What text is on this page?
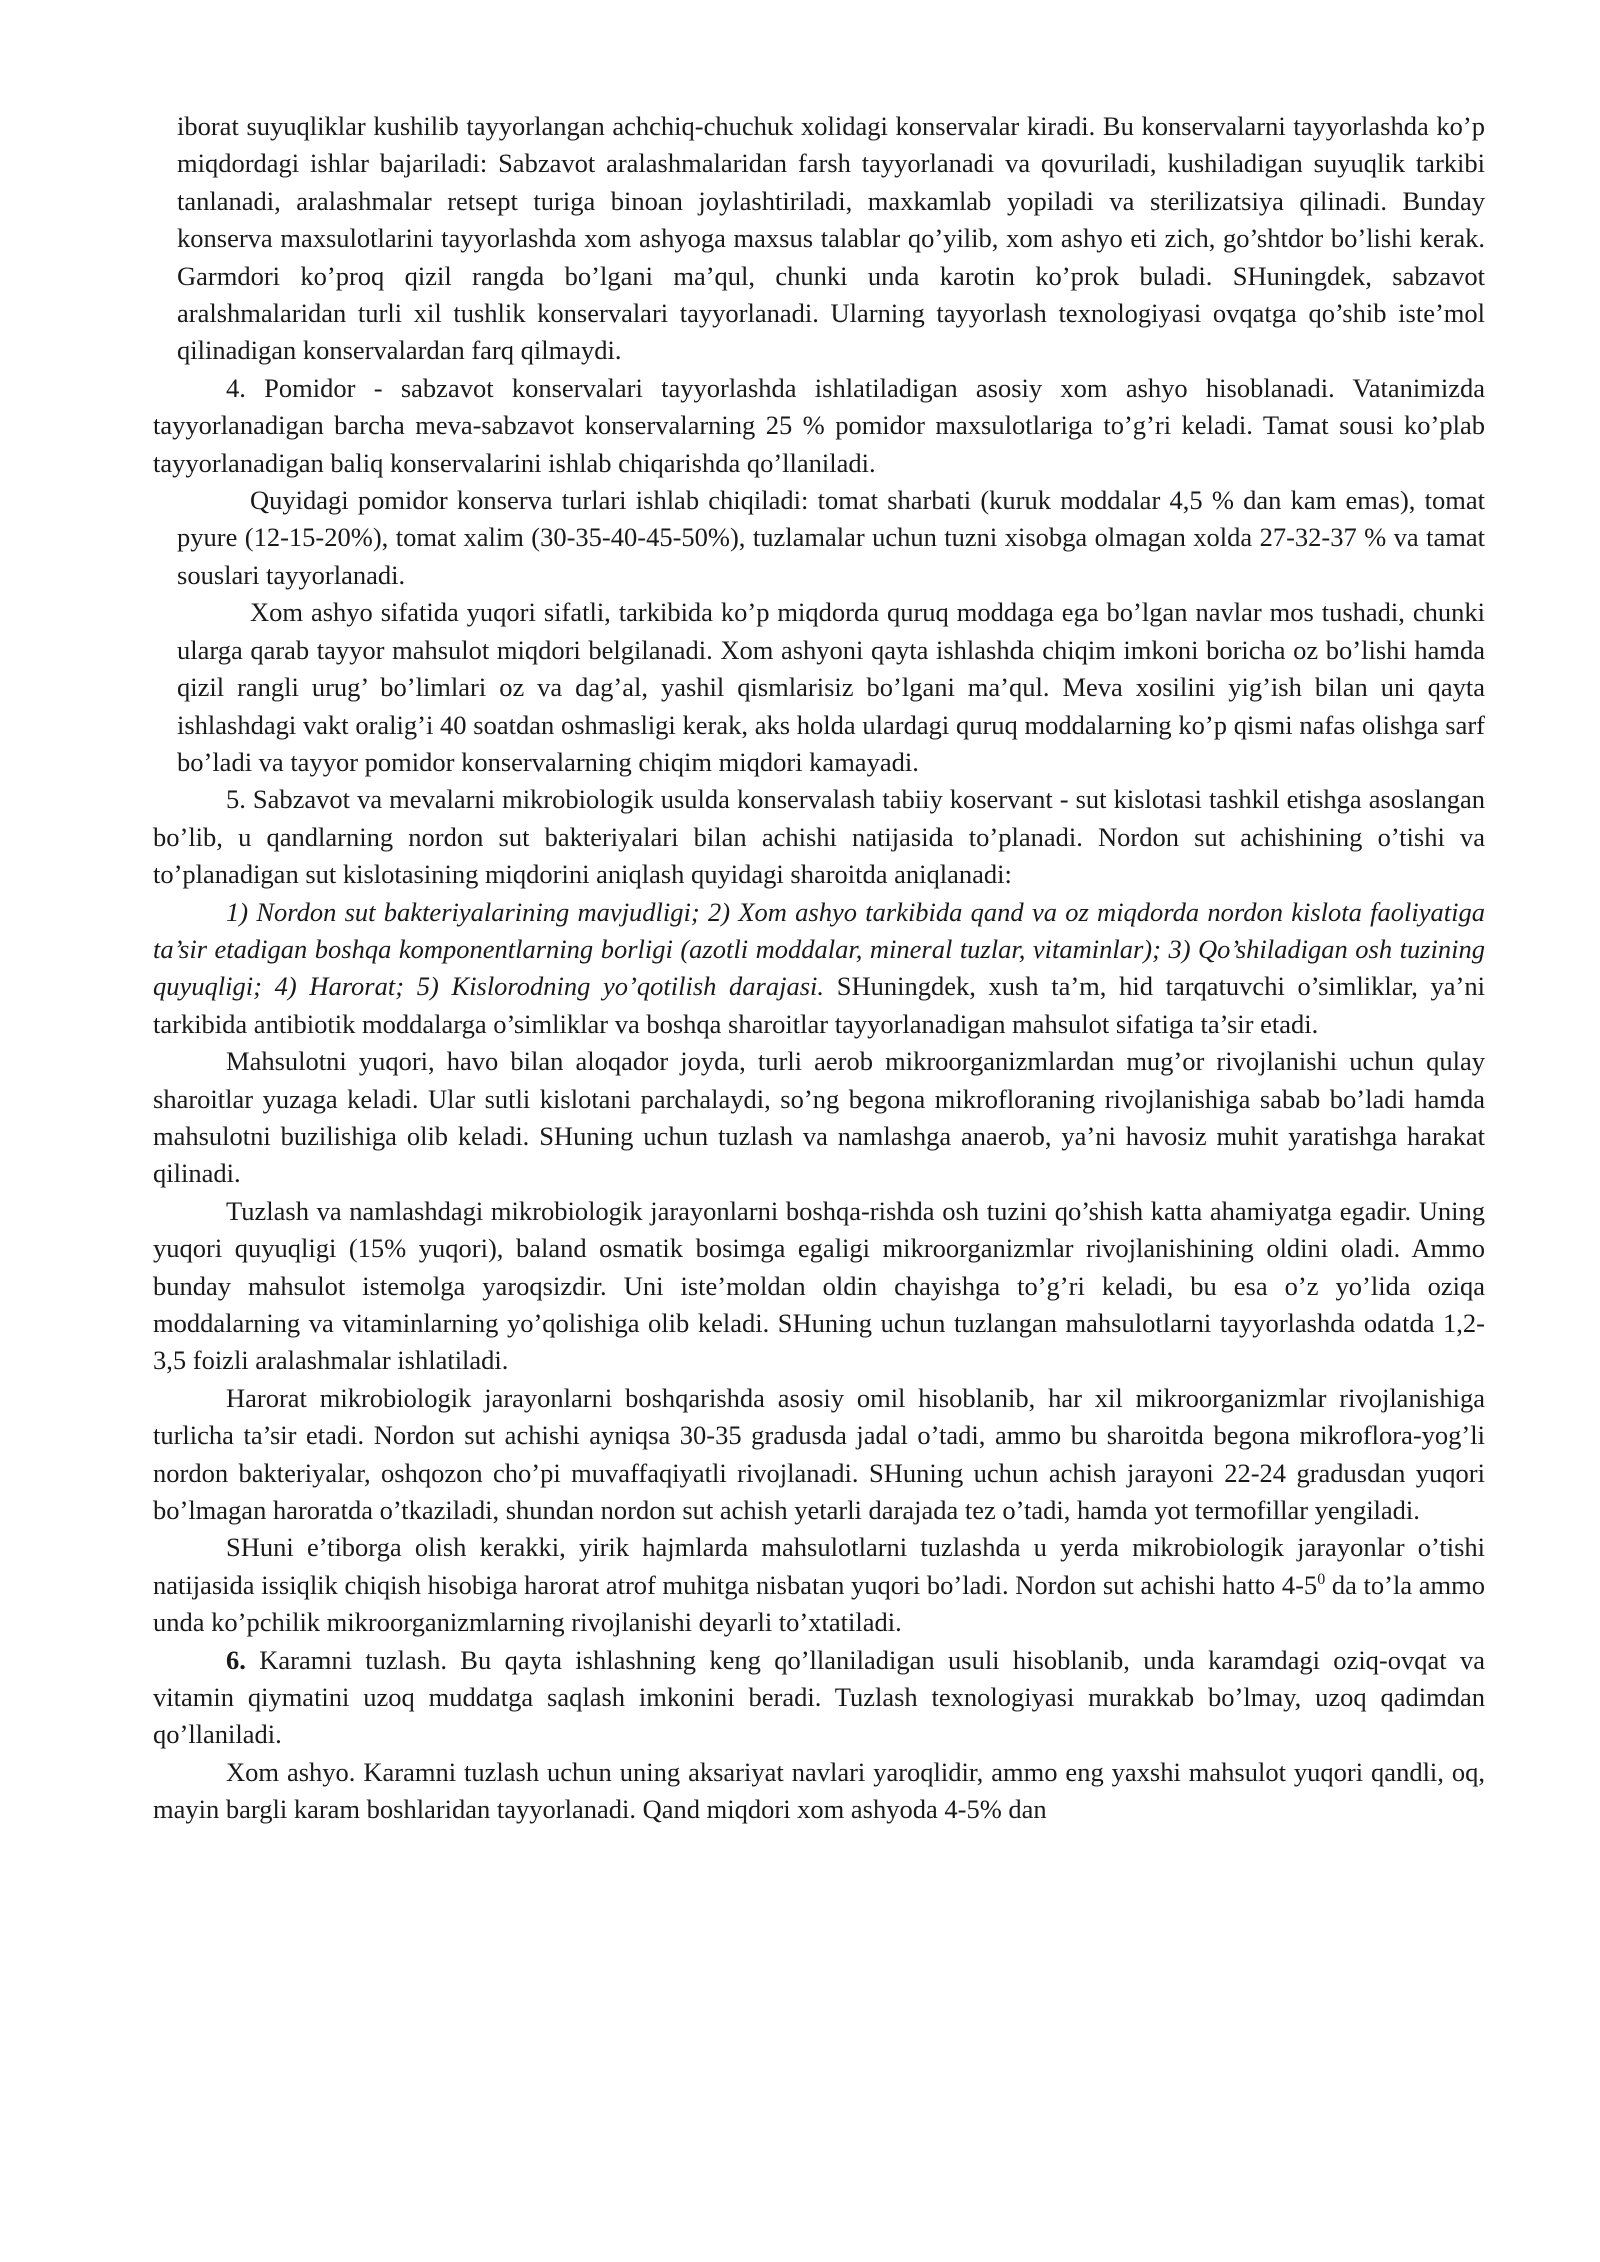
iborat suyuqliklar kushilib tayyorlangan achchiq-chuchuk xolidagi konservalar kiradi. Bu konservalarni tayyorlashda ko’p miqdordagi ishlar bajariladi: Sabzavot aralashmalaridan farsh tayyorlanadi va qovuriladi, kushiladigan suyuqlik tarkibi tanlanadi, aralashmalar retsept turiga binoan joylashtiriladi, maxkamlab yopiladi va sterilizatsiya qilinadi. Bunday konserva maxsulotlarini tayyorlashda xom ashyoga maxsus talablar qo’yilib, xom ashyo eti zich, go’shtdor bo’lishi kerak. Garmdori ko’proq qizil rangda bo’lgani ma’qul, chunki unda karotin ko’prok buladi. SHuningdek, sabzavot aralshmalaridan turli xil tushlik konservalari tayyorlanadi. Ularning tayyorlash texnologiyasi ovqatga qo’shib iste’mol qilinadigan konservalardan farq qilmaydi.

4. Pomidor - sabzavot konservalari tayyorlashda ishlatiladigan asosiy xom ashyo hisoblanadi. Vatanimizda tayyorlanadigan barcha meva-sabzavot konservalarning 25 % pomidor maxsulotlariga to’g’ri keladi. Tamat sousi ko’plab tayyorlanadigan baliq konservalarini ishlab chiqarishda qo’llaniladi.

Quyidagi pomidor konserva turlari ishlab chiqiladi: tomat sharbati (kuruk moddalar 4,5 % dan kam emas), tomat pyure (12-15-20%), tomat xalim (30-35-40-45-50%), tuzlamalar uchun tuzni xisobga olmagan xolda 27-32-37 % va tamat souslari tayyorlanadi.

Xom ashyo sifatida yuqori sifatli, tarkibida ko’p miqdorda quruq moddaga ega bo’lgan navlar mos tushadi, chunki ularga qarab tayyor mahsulot miqdori belgilanadi. Xom ashyoni qayta ishlashda chiqim imkoni boricha oz bo’lishi hamda qizil rangli urug’ bo’limlari oz va dag’al, yashil qismlarisiz bo’lgani ma’qul. Meva xosilini yig’ish bilan uni qayta ishlashdagi vakt oralig’i 40 soatdan oshmasligi kerak, aks holda ulardagi quruq moddalarning ko’p qismi nafas olishga sarf bo’ladi va tayyor pomidor konservalarning chiqim miqdori kamayadi.

5. Sabzavot va mevalarni mikrobiologik usulda konservalash tabiiy koservant - sut kislotasi tashkil etishga asoslangan bo’lib, u qandlarning nordon sut bakteriyalari bilan achishi natijasida to’planadi. Nordon sut achishining o’tishi va to’planadigan sut kislotasining miqdorini aniqlash quyidagi sharoitda aniqlanadi:

1) Nordon sut bakteriyalarining mavjudligi; 2) Xom ashyo tarkibida qand va oz miqdorda nordon kislota faoliyatiga ta’sir etadigan boshqa komponentlarning borligi (azotli moddalar, mineral tuzlar, vitaminlar); 3) Qo’shiladigan osh tuzining quyuqligi; 4) Harorat; 5) Kislorodning yo’qotilish darajasi. SHuningdek, xush ta’m, hid tarqatuvchi o’simliklar, ya’ni tarkibida antibiotik moddalarga o’simliklar va boshqa sharoitlar tayyorlanadigan mahsulot sifatiga ta’sir etadi.

Mahsulotni yuqori, havo bilan aloqador joyda, turli aerob mikroorganizmlardan mug’or rivojlanishi uchun qulay sharoitlar yuzaga keladi. Ular sutli kislotani parchalaydi, so’ng begona mikrofloraning rivojlanishiga sabab bo’ladi hamda mahsulotni buzilishiga olib keladi. SHuning uchun tuzlash va namlashga anaerob, ya’ni havosiz muhit yaratishga harakat qilinadi.

Tuzlash va namlashdagi mikrobiologik jarayonlarni boshqa-rishda osh tuzini qo’shish katta ahamiyatga egadir. Uning yuqori quyuqligi (15% yuqori), baland osmatik bosimga egaligi mikroorganizmlar rivojlanishining oldini oladi. Ammo bunday mahsulot istemolga yaroqsizdir. Uni iste’moldan oldin chayishga to’g’ri keladi, bu esa o’z yo’lida oziqa moddalarning va vitaminlarning yo’qolishiga olib keladi. SHuning uchun tuzlangan mahsulotlarni tayyorlashda odatda 1,2-3,5 foizli aralashmalar ishlatiladi.

Harorat mikrobiologik jarayonlarni boshqarishda asosiy omil hisoblanib, har xil mikroorganizmlar rivojlanishiga turlicha ta’sir etadi. Nordon sut achishi ayniqsa 30-35 gradusda jadal o’tadi, ammo bu sharoitda begona mikroflora-yog’li nordon bakteriyalar, oshqozon cho’pi muvaffaqiyatli rivojlanadi. SHuning uchun achish jarayoni 22-24 gradusdan yuqori bo’lmagan haroratda o’tkaziladi, shundan nordon sut achish yetarli darajada tez o’tadi, hamda yot termofillar yengiladi.

SHuni e’tiborga olish kerakki, yirik hajmlarda mahsulotlarni tuzlashda u yerda mikrobiologik jarayonlar o’tishi natijasida issiqlik chiqish hisobiga harorat atrof muhitga nisbatan yuqori bo’ladi. Nordon sut achishi hatto $4-5^0$ da to’la ammo unda ko’pchilik mikroorganizmlarning rivojlanishi deyarli to’xtatiladi.

6. Karamni tuzlash. Bu qayta ishlashning keng qo’llaniladigan usuli hisoblanib, unda karamdagi oziq-ovqat va vitamin qiymatini uzoq muddatga saqlash imkonini beradi. Tuzlash texnologiyasi murakkab bo’lmay, uzoq qadimdan qo’llaniladi.

Xom ashyo. Karamni tuzlash uchun uning aksariyat navlari yaroqlidir, ammo eng yaxshi mahsulot yuqori qandli, oq, mayin bargli karam boshlaridan tayyorlanadi. Qand miqdori xom ashyoda 4-5% dan
